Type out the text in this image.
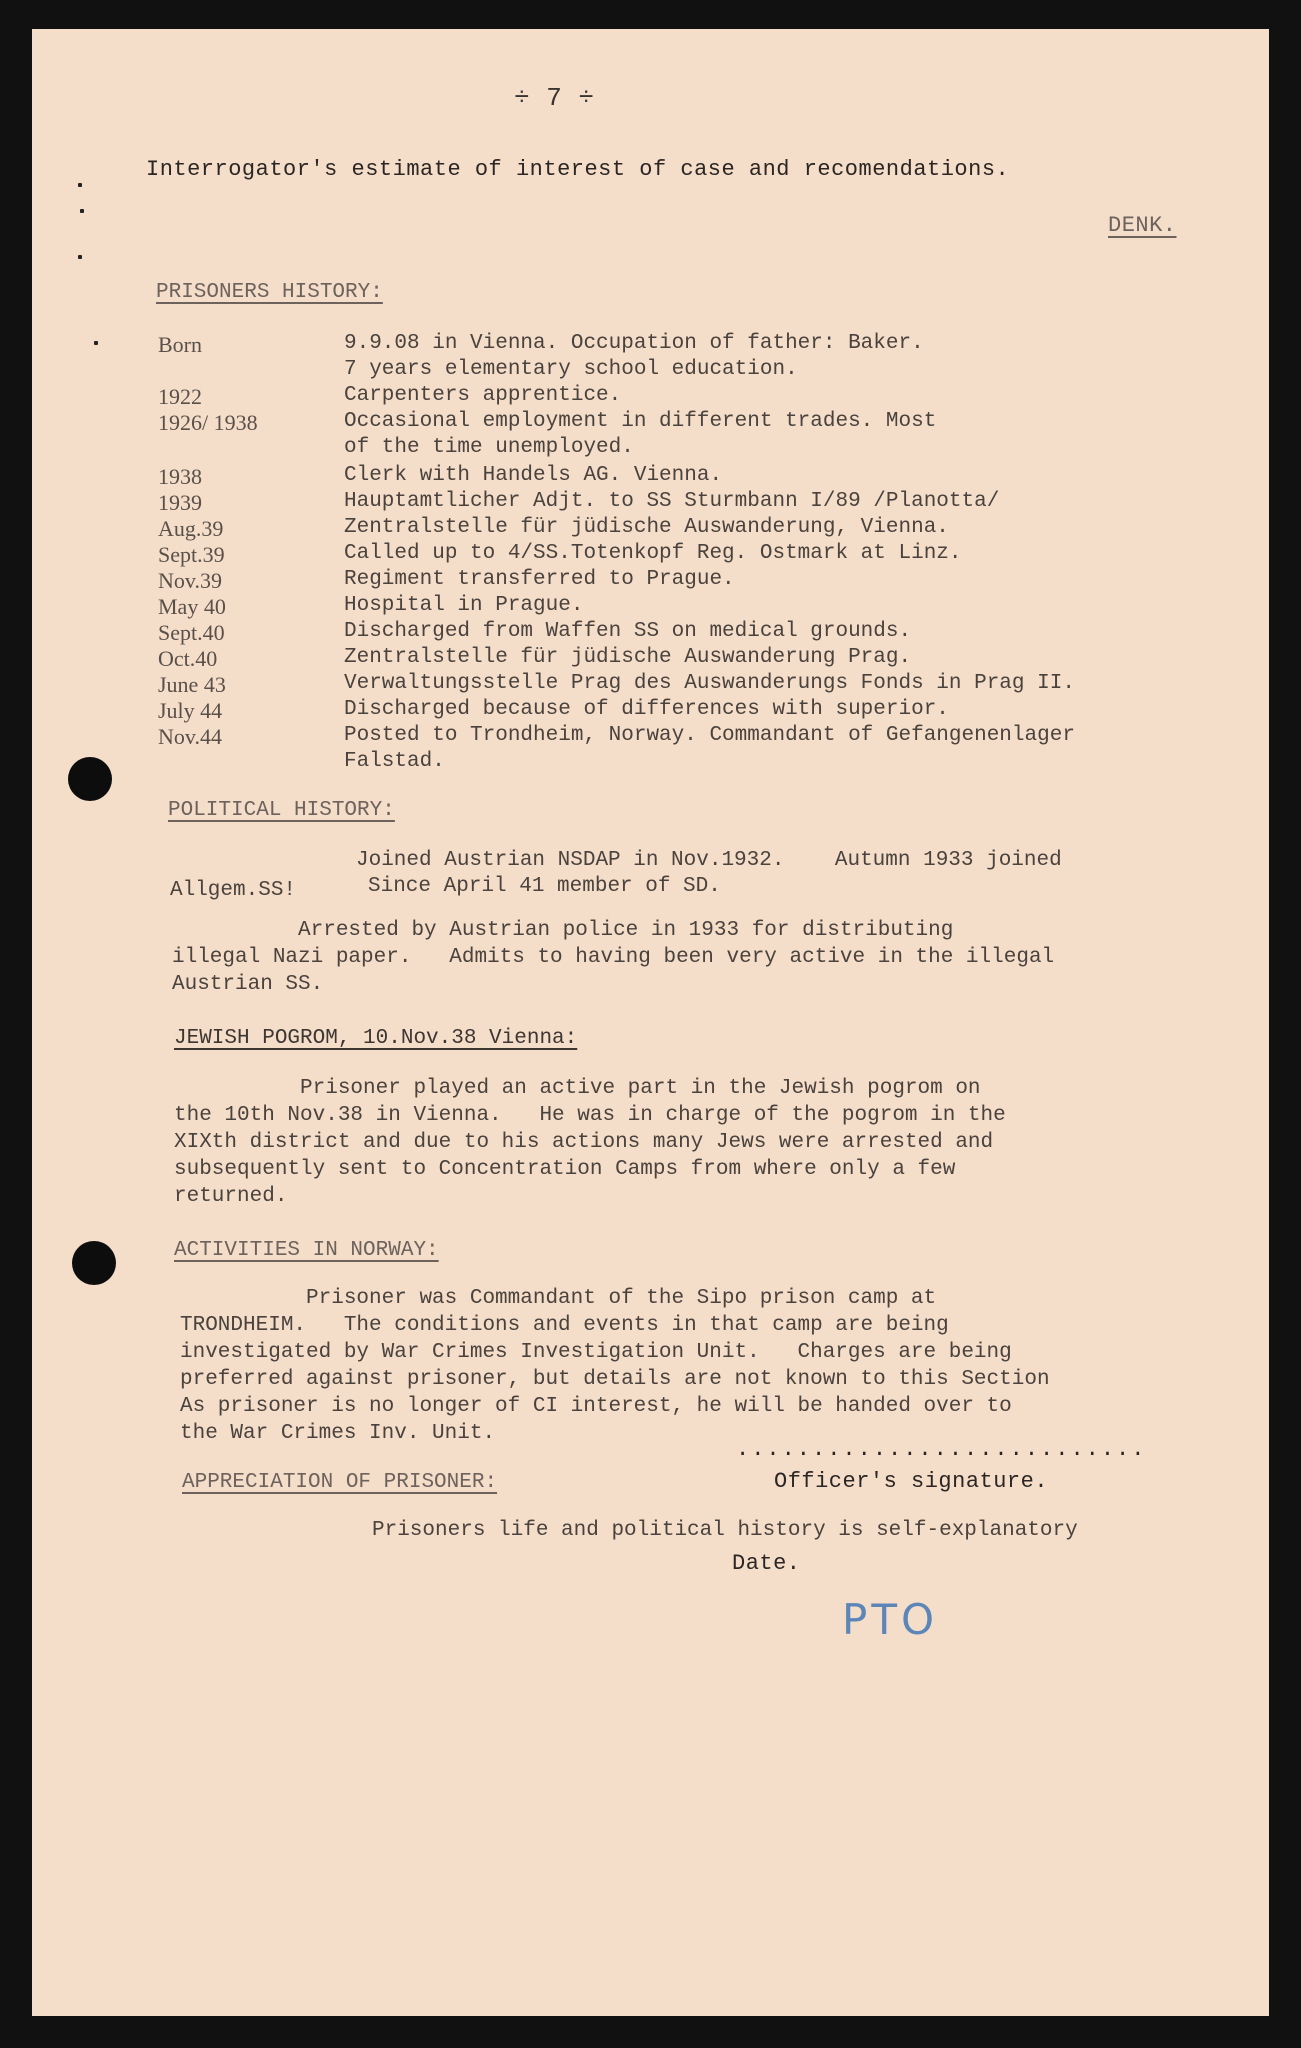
÷ 7 ÷
Interrogator's estimate of interest of case and recomendations.
DENK.
PRISONERS HISTORY:
Born	9.9.08 in Vienna. Occupation of father: Baker.
7 years elementary school education.
1922	Carpenters apprentice.
1926/ 1938	Occasional employment in different trades. Most
of the time unemployed.
1938	Clerk with Handels AG. Vienna.
1939	Hauptamtlicher Adjt. to SS Sturmbann I/89 /Planotta/
Aug.39	Zentralstelle für jüdische Auswanderung, Vienna.
Sept.39	Called up to 4/SS.Totenkopf Reg. Ostmark at Linz.
Nov.39	Regiment transferred to Prague.
May 40	Hospital in Prague.
Sept.40	Discharged from Waffen SS on medical grounds.
Oct.40	Zentralstelle für jüdische Auswanderung Prag.
June 43	Verwaltungsstelle Prag des Auswanderungs Fonds in Prag II.
July 44	Discharged because of differences with superior.
Nov.44	Posted to Trondheim, Norway. Commandant of Gefangenenlager
Falstad.
POLITICAL HISTORY:
Joined Austrian NSDAP in Nov.1932.    Autumn 1933 joined
Allgem.SS!	Since April 41 member of SD.
Arrested by Austrian police in 1933 for distributing
illegal Nazi paper.   Admits to having been very active in the illegal
Austrian SS.
JEWISH POGROM, 10.Nov.38 Vienna:
Prisoner played an active part in the Jewish pogrom on
the 10th Nov.38 in Vienna.   He was in charge of the pogrom in the
XIXth district and due to his actions many Jews were arrested and
subsequently sent to Concentration Camps from where only a few
returned.
ACTIVITIES IN NORWAY:
Prisoner was Commandant of the Sipo prison camp at
TRONDHEIM.   The conditions and events in that camp are being
investigated by War Crimes Investigation Unit.   Charges are being
preferred against prisoner, but details are not known to this Section
As prisoner is no longer of CI interest, he will be handed over to
the War Crimes Inv. Unit.
...........................
Officer's signature.
APPRECIATION OF PRISONER:
Prisoners life and political history is self-explanatory
Date.
PTO
